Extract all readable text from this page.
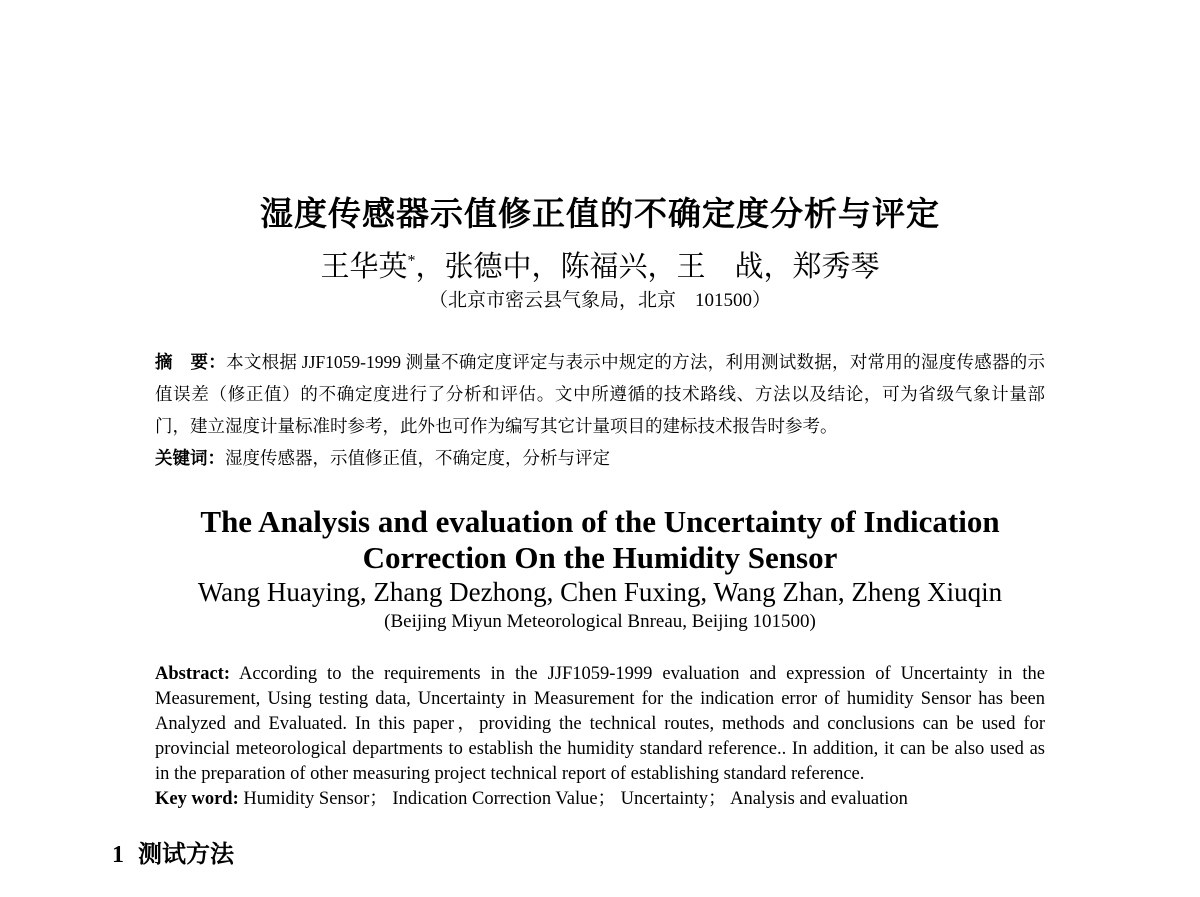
湿度传感器示值修正值的不确定度分析与评定
王华英*，张德中，陈福兴，王　战，郑秀琴
（北京市密云县气象局，北京　101500）

摘　要：本文根据 JJF1059-1999 测量不确定度评定与表示中规定的方法，利用测试数据，对常用的湿度传感器的示值误差（修正值）的不确定度进行了分析和评估。文中所遵循的技术路线、方法以及结论，可为省级气象计量部门，建立湿度计量标准时参考，此外也可作为编写其它计量项目的建标技术报告时参考。

关键词：湿度传感器，示值修正值，不确定度，分析与评定

The Analysis and evaluation of the Uncertainty of Indication
Correction On the Humidity Sensor
Wang Huaying, Zhang Dezhong, Chen Fuxing, Wang Zhan, Zheng Xiuqin
(Beijing Miyun Meteorological Bnreau, Beijing 101500)

Abstract: According to the requirements in the JJF1059-1999 evaluation and expression of Uncertainty in the Measurement, Using testing data, Uncertainty in Measurement for the indication error of humidity Sensor has been Analyzed and Evaluated. In this paper，providing the technical routes, methods and conclusions can be used for provincial meteorological departments to establish the humidity standard reference.. In addition, it can be also used as in the preparation of other measuring project technical report of establishing standard reference.

Key word: Humidity Sensor； Indication Correction Value； Uncertainty； Analysis and evaluation

1 测试方法
